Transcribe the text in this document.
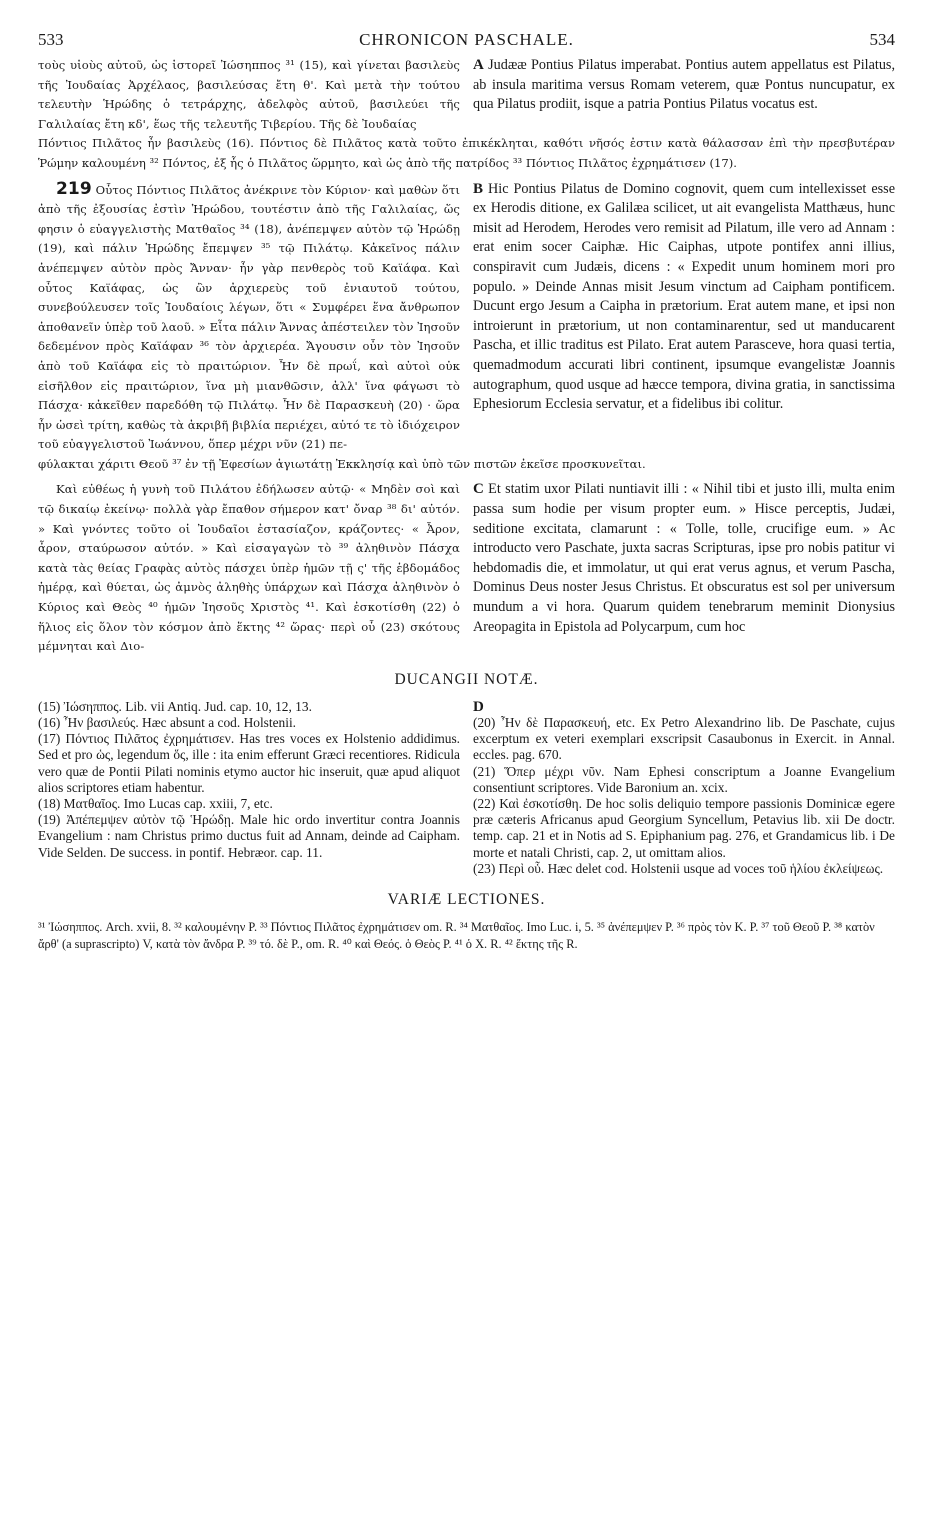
533	CHRONICON PASCHALE.	534

τοὺς υἱοὺς αὐτοῦ, ὡς ἱστορεῖ Ἰώσηππος ³¹ (15), καὶ γίνεται βασιλεὺς τῆς Ἰουδαίας Ἀρχέλαος, βασιλεύσας ἔτη θ'. Καὶ μετὰ τὴν τούτου τελευτὴν Ἡρώδης ὁ τετράρχης, ἀδελφὸς αὐτοῦ, βασιλεύει τῆς Γαλιλαίας ἔτη κδ', ἕως τῆς τελευτῆς Τιβερίου. Τῆς δὲ Ἰουδαίας

A Judææ Pontius Pilatus imperabat. Pontius autem appellatus est Pilatus, ab insula maritima versus Romam veterem, quæ Pontus nuncupatur, ex qua Pilatus prodiit, isque a patria Pontius Pilatus vocatus est.

Πόντιος Πιλᾶτος ἦν βασιλεὺς (16). Πόντιος δὲ Πιλᾶτος κατὰ τοῦτο ἐπικέκληται, καθότι νῆσός ἐστιν κατὰ θάλασσαν ἐπὶ τὴν πρεσβυτέραν Ῥώμην καλουμένη ³² Πόντος, ἐξ ἧς ὁ Πιλᾶτος ὥρμητο, καὶ ὡς ἀπὸ τῆς πατρίδος ³³ Πόντιος Πιλᾶτος ἐχρημάτισεν (17).

219 Οὗτος Πόντιος Πιλᾶτος ἀνέκρινε τὸν Κύριον· καὶ μαθὼν ὅτι ἀπὸ τῆς ἐξουσίας ἐστὶν Ἡρώδου, τουτέστιν ἀπὸ τῆς Γαλιλαίας, ὥς φησιν ὁ εὐαγγελιστὴς Ματθαῖος ³⁴ (18), ἀνέπεμψεν αὐτὸν τῷ Ἡρώδῃ (19), καὶ πάλιν Ἡρώδης ἔπεμψεν ³⁵ τῷ Πιλάτῳ. Κἀκεῖνος πάλιν ἀνέπεμψεν αὐτὸν πρὸς Ἄνναν· ἦν γὰρ πενθερὸς τοῦ Καϊάφα. Καὶ οὗτος Καϊάφας, ὡς ὢν ἀρχιερεὺς τοῦ ἐνιαυτοῦ τούτου, συνεβούλευσεν τοῖς Ἰουδαίοις λέγων, ὅτι « Συμφέρει ἕνα ἄνθρωπον ἀποθανεῖν ὑπὲρ τοῦ λαοῦ. » Εἶτα πάλιν Ἄννας ἀπέστειλεν τὸν Ἰησοῦν δεδεμένον πρὸς Καϊάφαν ³⁶ τὸν ἀρχιερέα. Ἄγουσιν οὖν τὸν Ἰησοῦν ἀπὸ τοῦ Καϊάφα εἰς τὸ πραιτώριον. Ἦν δὲ πρωΐ, καὶ αὐτοὶ οὐκ εἰσῆλθον εἰς πραιτώριον, ἵνα μὴ μιανθῶσιν, ἀλλ' ἵνα φάγωσι τὸ Πάσχα· κἀκεῖθεν παρεδόθη τῷ Πιλάτῳ. Ἦν δὲ Παρασκευὴ (20) · ὥρα ἦν ὡσεὶ τρίτη, καθὼς τὰ ἀκριβῆ βιβλία περιέχει, αὐτό τε τὸ ἰδιόχειρον τοῦ εὐαγγελιστοῦ Ἰωάννου, ὅπερ μέχρι νῦν (21) πε-

B Hic Pontius Pilatus de Domino cognovit, quem cum intellexisset esse ex Herodis ditione, ex Galilæa scilicet, ut ait evangelista Matthæus, hunc misit ad Herodem, Herodes vero remisit ad Pilatum, ille vero ad Annam : erat enim socer Caiphæ. Hic Caiphas, utpote pontifex anni illius, conspiravit cum Judæis, dicens : « Expedit unum hominem mori pro populo. » Deinde Annas misit Jesum vinctum ad Caipham pontificem. Ducunt ergo Jesum a Caipha in prætorium. Erat autem mane, et ipsi non introierunt in prætorium, ut non contaminarentur, sed ut manducarent Pascha, et illic traditus est Pilato. Erat autem Parasceve, hora quasi tertia, quemadmodum accurati libri continent, ipsumque evangelistæ Joannis autographum, quod usque ad hæcce tempora, divina gratia, in sanctissima Ephesiorum Ecclesia servatur, et a fidelibus ibi colitur.

φύλακται χάριτι Θεοῦ ³⁷ ἐν τῇ Ἐφεσίων ἁγιωτάτῃ Ἐκκλησίᾳ καὶ ὑπὸ τῶν πιστῶν ἐκεῖσε προσκυνεῖται.

Καὶ εὐθέως ἡ γυνὴ τοῦ Πιλάτου ἐδήλωσεν αὐτῷ· « Μηδὲν σοὶ καὶ τῷ δικαίῳ ἐκείνῳ· πολλὰ γὰρ ἔπαθον σήμερον κατ' ὄναρ ³⁸ δι' αὐτόν. » Καὶ γνόντες τοῦτο οἱ Ἰουδαῖοι ἐστασίαζον, κράζοντες· « Ἆρον, ἆρον, σταύρωσον αὐτόν. » Καὶ εἰσαγαγὼν τὸ ³⁹ ἀληθινὸν Πάσχα κατὰ τὰς θείας Γραφὰς αὐτὸς πάσχει ὑπὲρ ἡμῶν τῇ ς' τῆς ἑβδομάδος ἡμέρᾳ, καὶ θύεται, ὡς ἀμνὸς ἀληθὴς ὑπάρχων καὶ Πάσχα ἀληθινὸν ὁ Κύριος καὶ Θεὸς ⁴⁰ ἡμῶν Ἰησοῦς Χριστὸς ⁴¹. Καὶ ἐσκοτίσθη (22) ὁ ἥλιος εἰς ὅλον τὸν κόσμον ἀπὸ ἕκτης ⁴² ὥρας· περὶ οὗ (23) σκότους μέμνηται καὶ Διο-

C Et statim uxor Pilati nuntiavit illi : « Nihil tibi et justo illi, multa enim passa sum hodie per visum propter eum. » Hisce perceptis, Judæi, seditione excitata, clamarunt : « Tolle, tolle, crucifige eum. » Ac introducto vero Paschate, juxta sacras Scripturas, ipse pro nobis patitur vi hebdomadis die, et immolatur, ut qui erat verus agnus, et verum Pascha, Dominus Deus noster Jesus Christus. Et obscuratus est sol per universum mundum a vi hora. Quarum quidem tenebrarum meminit Dionysius Areopagita in Epistola ad Polycarpum, cum hoc

DUCANGII NOTÆ.

(15) Ἰώσηππος. Lib. vii Antiq. Jud. cap. 10, 12, 13.

(16) Ἦν βασιλεύς. Hæc absunt a cod. Holstenii.

(17) Πόντιος Πιλᾶτος ἐχρημάτισεν. Has tres voces ex Holstenio addidimus. Sed et pro ὡς, legendum ὅς, ille : ita enim efferunt Græci recentiores. Ridicula vero quæ de Pontii Pilati nominis etymo auctor hic inseruit, quæ apud aliquot alios scriptores etiam habentur.

(18) Ματθαῖος. Imo Lucas cap. xxiii, 7, etc.

(19) Ἀπέπεμψεν αὐτὸν τῷ Ἡρώδῃ. Male hic ordo invertitur contra Joannis Evangelium : nam Christus primo ductus fuit ad Annam, deinde ad Caipham. Vide Selden. De success. in pontif. Hebræor. cap. 11.

D

(20) Ἦν δὲ Παρασκευή, etc. Ex Petro Alexandrino lib. De Paschate, cujus excerptum ex veteri exemplari exscripsit Casaubonus in Exercit. in Annal. eccles. pag. 670.

(21) Ὅπερ μέχρι νῦν. Nam Ephesi conscriptum a Joanne Evangelium consentiunt scriptores. Vide Baronium an. xcix.

(22) Καὶ ἐσκοτίσθη. De hoc solis deliquio tempore passionis Dominicæ egere præ cæteris Africanus apud Georgium Syncellum, Petavius lib. xii De doctr. temp. cap. 21 et in Notis ad S. Epiphanium pag. 276, et Grandamicus lib. i De morte et natali Christi, cap. 2, ut omittam alios.

(23) Περὶ οὗ. Hæc delet cod. Holstenii usque ad voces τοῦ ἡλίου ἐκλείψεως.

VARIÆ LECTIONES.

³¹ Ἰώσηππος. Arch. xvii, 8. ³² καλουμένην P. ³³ Πόντιος Πιλᾶτος ἐχρημάτισεν om. R. ³⁴ Ματθαῖος. Imo Luc. i, 5. ³⁵ ἀνέπεμψεν P. ³⁶ πρὸς τὸν K. P. ³⁷ τοῦ Θεοῦ P. ³⁸ κατὸν ἄρθ' (a suprascripto) V, κατὰ τὸν ἄνδρα P. ³⁹ τό. δὲ P., om. R. ⁴⁰ καὶ Θεός. ὁ Θεὸς P. ⁴¹ ὁ X. R. ⁴² ἕκτης τῆς R.
